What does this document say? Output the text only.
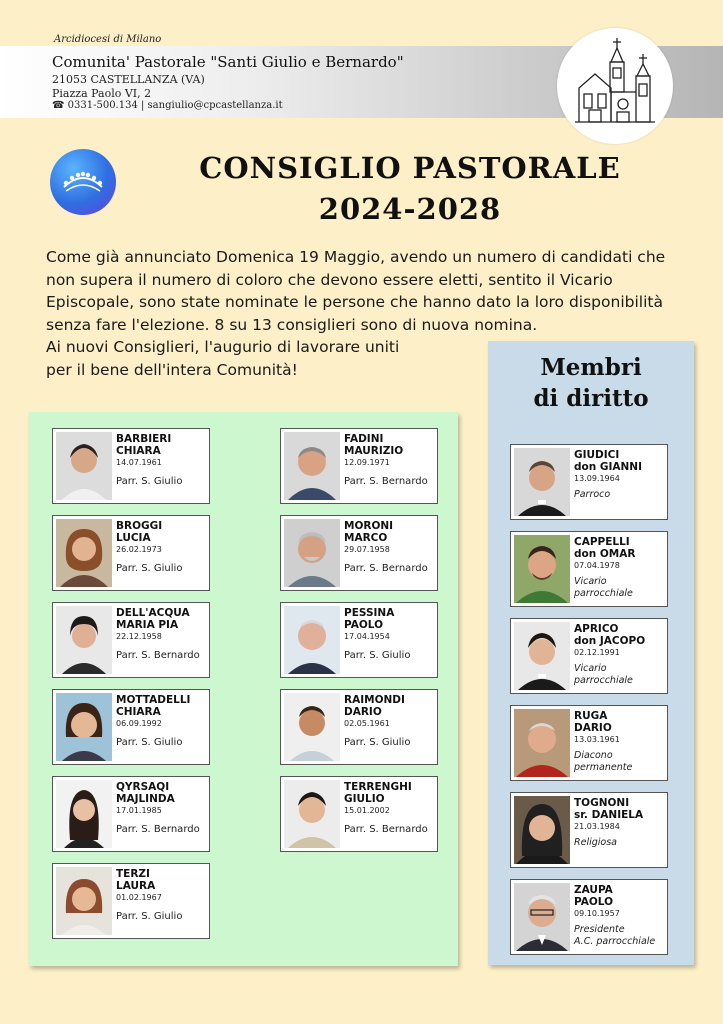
Arcidiocesi di Milano
Comunita' Pastorale "Santi Giulio e Bernardo"
21053 CASTELLANZA (VA)
Piazza Paolo VI, 2
☎ 0331-500.134 | sangiulio@cpcastellanza.it
CONSIGLIO PASTORALE
2024-2028

Come già annunciato Domenica 19 Maggio, avendo un numero di candidati che non supera il numero di coloro che devono essere eletti, sentito il Vicario Episcopale, sono state nominate le persone che hanno dato la loro disponibilità senza fare l'elezione. 8 su 13 consiglieri sono di nuova nomina.

Ai nuovi Consiglieri, l'augurio di lavorare uniti

per il bene dell'intera Comunità!

BARBIERI
CHIARA
14.07.1961
Parr. S. Giulio
BROGGI
LUCIA
26.02.1973
Parr. S. Giulio
DELL'ACQUA
MARIA PIA
22.12.1958
Parr. S. Bernardo
MOTTADELLI
CHIARA
06.09.1992
Parr. S. Giulio
QYRSAQI
MAJLINDA
17.01.1985
Parr. S. Bernardo
TERZI
LAURA
01.02.1967
Parr. S. Giulio
FADINI
MAURIZIO
12.09.1971
Parr. S. Bernardo
MORONI
MARCO
29.07.1958
Parr. S. Bernardo
PESSINA
PAOLO
17.04.1954
Parr. S. Giulio
RAIMONDI
DARIO
02.05.1961
Parr. S. Giulio
TERRENGHI
GIULIO
15.01.2002
Parr. S. Bernardo
Membri
di diritto
GIUDICI
don GIANNI
13.09.1964
Parroco

CAPPELLI
don OMAR
07.04.1978
Vicario
parrocchiale
APRICO
don JACOPO
02.12.1991
Vicario
parrocchiale
RUGA
DARIO
13.03.1961
Diacono
permanente
TOGNONI
sr. DANIELA
21.03.1984
Religiosa

ZAUPA
PAOLO
09.10.1957
Presidente
A.C. parrocchiale
